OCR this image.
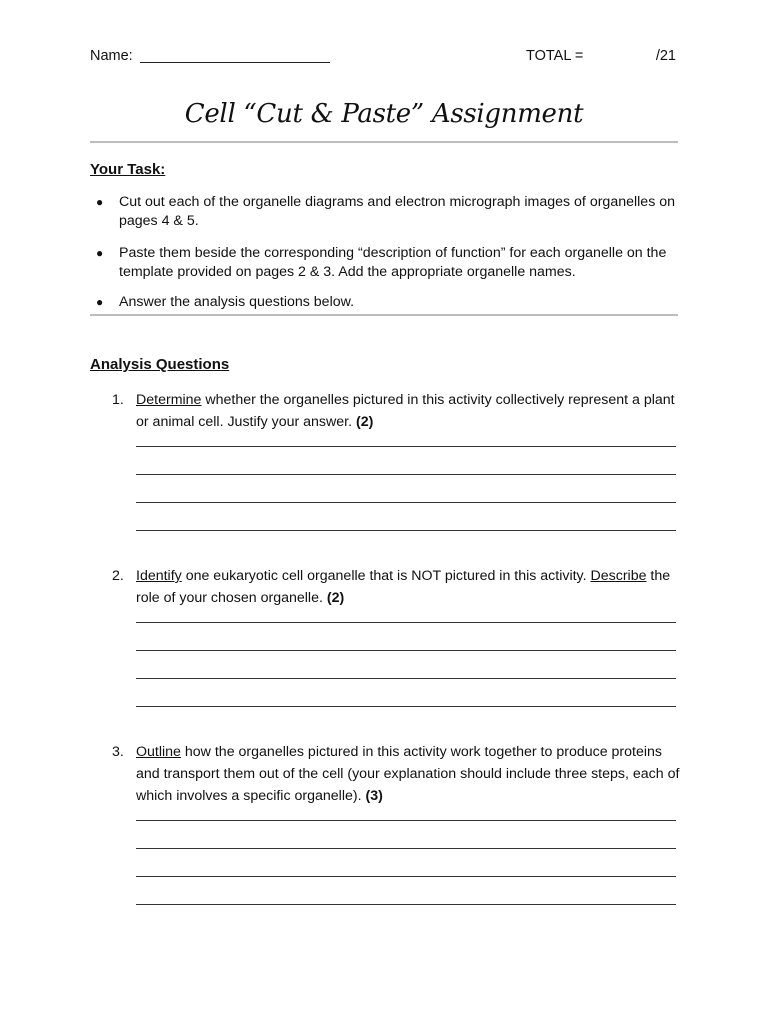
Name:	TOTAL =	/21
Cell “Cut & Paste” Assignment
Your Task:
● Cut out each of the organelle diagrams and electron micrograph images of organelles on pages 4 & 5.
● Paste them beside the corresponding “description of function” for each organelle on the template provided on pages 2 & 3. Add the appropriate organelle names.
● Answer the analysis questions below.
Analysis Questions
1. Determine whether the organelles pictured in this activity collectively represent a plant or animal cell. Justify your answer. (2)
2. Identify one eukaryotic cell organelle that is NOT pictured in this activity. Describe the role of your chosen organelle. (2)
3. Outline how the organelles pictured in this activity work together to produce proteins and transport them out of the cell (your explanation should include three steps, each of which involves a specific organelle). (3)
